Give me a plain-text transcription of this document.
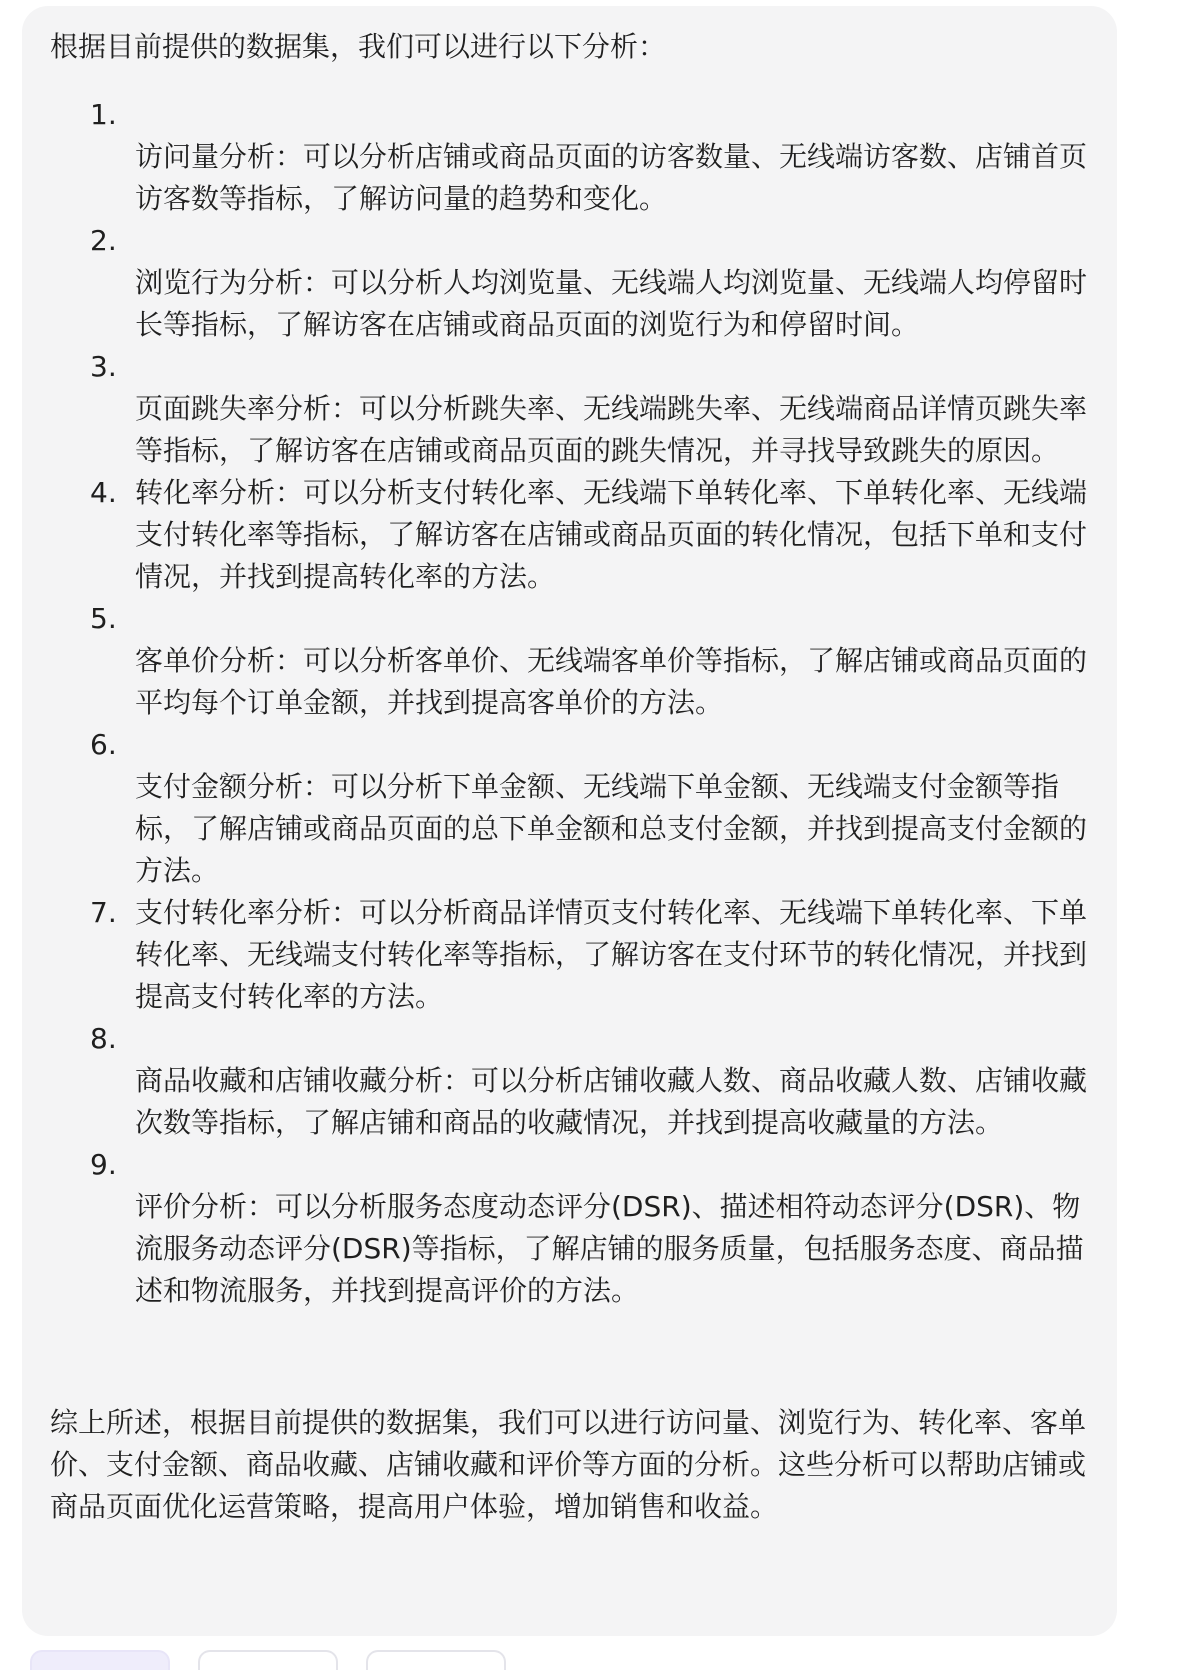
根据目前提供的数据集，我们可以进行以下分析：

1.
访问量分析：可以分析店铺或商品页面的访客数量、无线端访客数、店铺首页访客数等指标，了解访问量的趋势和变化。
2.
浏览行为分析：可以分析人均浏览量、无线端人均浏览量、无线端人均停留时长等指标，了解访客在店铺或商品页面的浏览行为和停留时间。
3.
页面跳失率分析：可以分析跳失率、无线端跳失率、无线端商品详情页跳失率等指标，了解访客在店铺或商品页面的跳失情况，并寻找导致跳失的原因。
4. 转化率分析：可以分析支付转化率、无线端下单转化率、下单转化率、无线端支付转化率等指标，了解访客在店铺或商品页面的转化情况，包括下单和支付情况，并找到提高转化率的方法。
5.
客单价分析：可以分析客单价、无线端客单价等指标，了解店铺或商品页面的平均每个订单金额，并找到提高客单价的方法。
6.
支付金额分析：可以分析下单金额、无线端下单金额、无线端支付金额等指标，了解店铺或商品页面的总下单金额和总支付金额，并找到提高支付金额的方法。
7. 支付转化率分析：可以分析商品详情页支付转化率、无线端下单转化率、下单转化率、无线端支付转化率等指标，了解访客在支付环节的转化情况，并找到提高支付转化率的方法。
8.
商品收藏和店铺收藏分析：可以分析店铺收藏人数、商品收藏人数、店铺收藏次数等指标，了解店铺和商品的收藏情况，并找到提高收藏量的方法。
9.
评价分析：可以分析服务态度动态评分(DSR)、描述相符动态评分(DSR)、物流服务动态评分(DSR)等指标，了解店铺的服务质量，包括服务态度、商品描述和物流服务，并找到提高评价的方法。

综上所述，根据目前提供的数据集，我们可以进行访问量、浏览行为、转化率、客单价、支付金额、商品收藏、店铺收藏和评价等方面的分析。这些分析可以帮助店铺或商品页面优化运营策略，提高用户体验，增加销售和收益。
